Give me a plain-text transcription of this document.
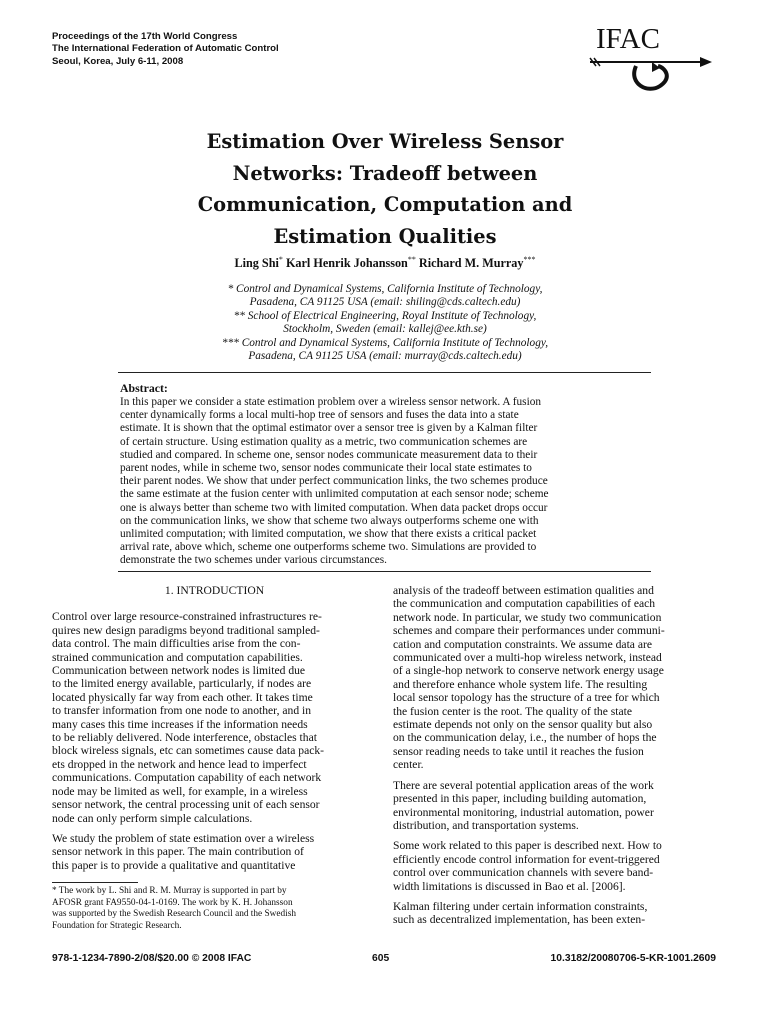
Proceedings of the 17th World Congress
The International Federation of Automatic Control
Seoul, Korea, July 6-11, 2008
IFAC
Estimation Over Wireless Sensor
Networks: Tradeoff between
Communication, Computation and
Estimation Qualities
Ling Shi* Karl Henrik Johansson** Richard M. Murray***
* Control and Dynamical Systems, California Institute of Technology,
Pasadena, CA 91125 USA (email: shiling@cds.caltech.edu)
** School of Electrical Engineering, Royal Institute of Technology,
Stockholm, Sweden (email: kallej@ee.kth.se)
*** Control and Dynamical Systems, California Institute of Technology,
Pasadena, CA 91125 USA (email: murray@cds.caltech.edu)
Abstract:
In this paper we consider a state estimation problem over a wireless sensor network. A fusion
center dynamically forms a local multi-hop tree of sensors and fuses the data into a state
estimate. It is shown that the optimal estimator over a sensor tree is given by a Kalman filter
of certain structure. Using estimation quality as a metric, two communication schemes are
studied and compared. In scheme one, sensor nodes communicate measurement data to their
parent nodes, while in scheme two, sensor nodes communicate their local state estimates to
their parent nodes. We show that under perfect communication links, the two schemes produce
the same estimate at the fusion center with unlimited computation at each sensor node; scheme
one is always better than scheme two with limited computation. When data packet drops occur
on the communication links, we show that scheme two always outperforms scheme one with
unlimited computation; with limited computation, we show that there exists a critical packet
arrival rate, above which, scheme one outperforms scheme two. Simulations are provided to
demonstrate the two schemes under various circumstances.
1. INTRODUCTION
Control over large resource-constrained infrastructures re-
quires new design paradigms beyond traditional sampled-
data control. The main difficulties arise from the con-
strained communication and computation capabilities.
Communication between network nodes is limited due
to the limited energy available, particularly, if nodes are
located physically far way from each other. It takes time
to transfer information from one node to another, and in
many cases this time increases if the information needs
to be reliably delivered. Node interference, obstacles that
block wireless signals, etc can sometimes cause data pack-
ets dropped in the network and hence lead to imperfect
communications. Computation capability of each network
node may be limited as well, for example, in a wireless
sensor network, the central processing unit of each sensor
node can only perform simple calculations.
We study the problem of state estimation over a wireless
sensor network in this paper. The main contribution of
this paper is to provide a qualitative and quantitative
* The work by L. Shi and R. M. Murray is supported in part by
AFOSR grant FA9550-04-1-0169. The work by K. H. Johansson
was supported by the Swedish Research Council and the Swedish
Foundation for Strategic Research.
analysis of the tradeoff between estimation qualities and
the communication and computation capabilities of each
network node. In particular, we study two communication
schemes and compare their performances under communi-
cation and computation constraints. We assume data are
communicated over a multi-hop wireless network, instead
of a single-hop network to conserve network energy usage
and therefore enhance whole system life. The resulting
local sensor topology has the structure of a tree for which
the fusion center is the root. The quality of the state
estimate depends not only on the sensor quality but also
on the communication delay, i.e., the number of hops the
sensor reading needs to take until it reaches the fusion
center.
There are several potential application areas of the work
presented in this paper, including building automation,
environmental monitoring, industrial automation, power
distribution, and transportation systems.
Some work related to this paper is described next. How to
efficiently encode control information for event-triggered
control over communication channels with severe band-
width limitations is discussed in Bao et al. [2006].
Kalman filtering under certain information constraints,
such as decentralized implementation, has been exten-
978-1-1234-7890-2/08/$20.00 © 2008 IFAC	605	10.3182/20080706-5-KR-1001.2609
